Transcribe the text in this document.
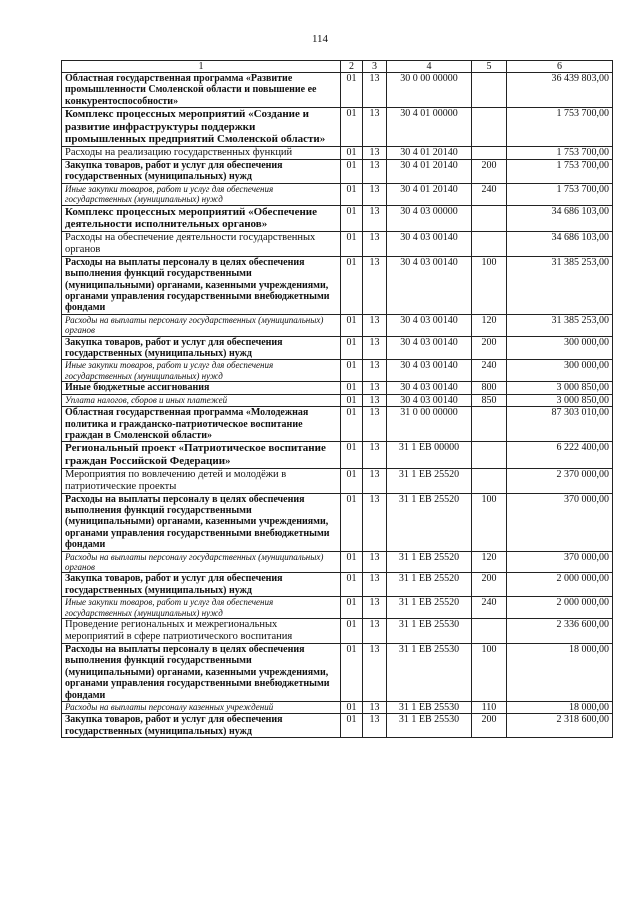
114
1	2	3	4	5	6
Областная государственная программа «Развитие промышленности Смоленской области и повышение ее конкурентоспособности»	01	13	30 0 00 00000		36 439 803,00
Комплекс процессных мероприятий «Создание и развитие инфраструктуры поддержки промышленных предприятий Смоленской области»	01	13	30 4 01 00000		1 753 700,00
Расходы на реализацию государственных функций	01	13	30 4 01 20140		1 753 700,00
Закупка товаров, работ и услуг для обеспечения государственных (муниципальных) нужд	01	13	30 4 01 20140	200	1 753 700,00
Иные закупки товаров, работ и услуг для обеспечения государственных (муниципальных) нужд	01	13	30 4 01 20140	240	1 753 700,00
Комплекс процессных мероприятий «Обеспечение деятельности исполнительных органов»	01	13	30 4 03 00000		34 686 103,00
Расходы на обеспечение деятельности государственных органов	01	13	30 4 03 00140		34 686 103,00
Расходы на выплаты персоналу в целях обеспечения выполнения функций государственными (муниципальными) органами, казенными учреждениями, органами управления государственными внебюджетными фондами	01	13	30 4 03 00140	100	31 385 253,00
Расходы на выплаты персоналу государственных (муниципальных) органов	01	13	30 4 03 00140	120	31 385 253,00
Закупка товаров, работ и услуг для обеспечения государственных (муниципальных) нужд	01	13	30 4 03 00140	200	300 000,00
Иные закупки товаров, работ и услуг для обеспечения государственных (муниципальных) нужд	01	13	30 4 03 00140	240	300 000,00
Иные бюджетные ассигнования	01	13	30 4 03 00140	800	3 000 850,00
Уплата налогов, сборов и иных платежей	01	13	30 4 03 00140	850	3 000 850,00
Областная государственная программа «Молодежная политика и гражданско-патриотическое воспитание граждан в Смоленской области»	01	13	31 0 00 00000		87 303 010,00
Региональный проект «Патриотическое воспитание граждан Российской Федерации»	01	13	31 1 ЕВ 00000		6 222 400,00
Мероприятия по вовлечению детей и молодёжи в патриотические проекты	01	13	31 1 ЕВ 25520		2 370 000,00
Расходы на выплаты персоналу в целях обеспечения выполнения функций государственными (муниципальными) органами, казенными учреждениями, органами управления государственными внебюджетными фондами	01	13	31 1 ЕВ 25520	100	370 000,00
Расходы на выплаты персоналу государственных (муниципальных) органов	01	13	31 1 ЕВ 25520	120	370 000,00
Закупка товаров, работ и услуг для обеспечения государственных (муниципальных) нужд	01	13	31 1 ЕВ 25520	200	2 000 000,00
Иные закупки товаров, работ и услуг для обеспечения государственных (муниципальных) нужд	01	13	31 1 ЕВ 25520	240	2 000 000,00
Проведение региональных и межрегиональных мероприятий в сфере патриотического воспитания	01	13	31 1 ЕВ 25530		2 336 600,00
Расходы на выплаты персоналу в целях обеспечения выполнения функций государственными (муниципальными) органами, казенными учреждениями, органами управления государственными внебюджетными фондами	01	13	31 1 ЕВ 25530	100	18 000,00
Расходы на выплаты персоналу казенных учреждений	01	13	31 1 ЕВ 25530	110	18 000,00
Закупка товаров, работ и услуг для обеспечения государственных (муниципальных) нужд	01	13	31 1 ЕВ 25530	200	2 318 600,00
